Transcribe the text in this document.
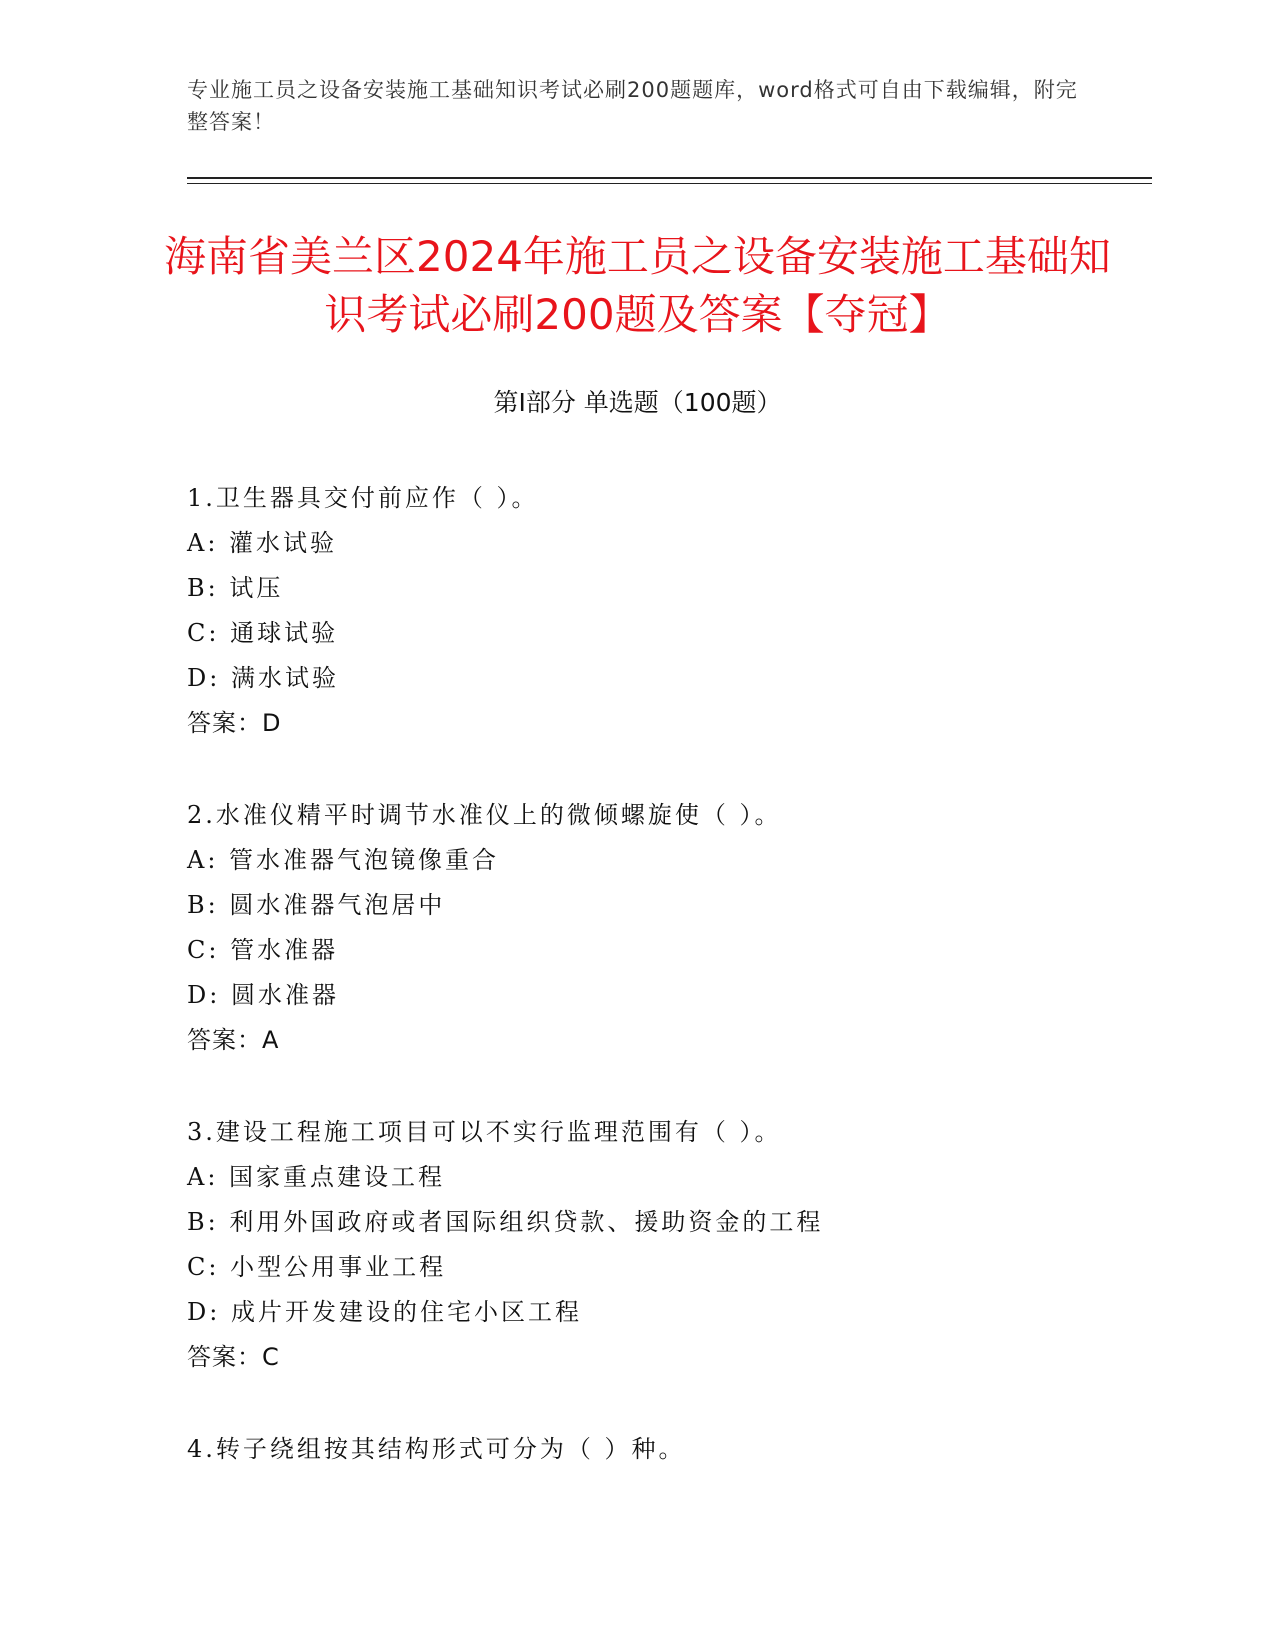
专业施工员之设备安装施工基础知识考试必刷200题题库，word格式可自由下载编辑，附完整答案！
海南省美兰区2024年施工员之设备安装施工基础知识考试必刷200题及答案【夺冠】
第Ⅰ部分 单选题（100题）
1.卫生器具交付前应作（ ）。
A: 灌水试验
B: 试压
C: 通球试验
D: 满水试验
答案：D
2.水准仪精平时调节水准仪上的微倾螺旋使（ ）。
A: 管水准器气泡镜像重合
B: 圆水准器气泡居中
C: 管水准器
D: 圆水准器
答案：A
3.建设工程施工项目可以不实行监理范围有（ ）。
A: 国家重点建设工程
B: 利用外国政府或者国际组织贷款、援助资金的工程
C: 小型公用事业工程
D: 成片开发建设的住宅小区工程
答案：C
4.转子绕组按其结构形式可分为（ ）种。
